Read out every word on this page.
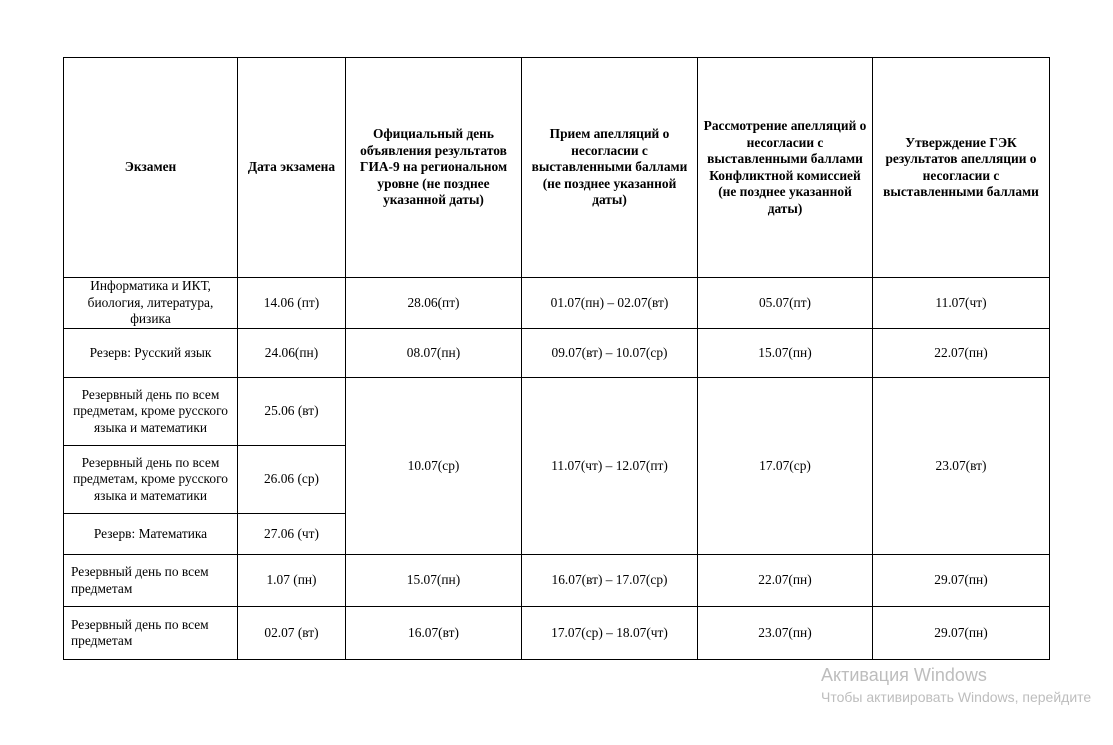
Экзамен	Дата экзамена	Официальный день объявления результатов ГИА-9 на региональном уровне (не позднее указанной даты)	Прием апелляций о несогласии с выставленными баллами (не позднее указанной даты)	Рассмотрение апелляций о несогласии с выставленными баллами Конфликтной комиссией (не позднее указанной даты)	Утверждение ГЭК результатов апелляции о несогласии с выставленными баллами
Информатика и ИКТ, биология, литература, физика	14.06 (пт)	28.06(пт)	01.07(пн) – 02.07(вт)	05.07(пт)	11.07(чт)
Резерв: Русский язык	24.06(пн)	08.07(пн)	09.07(вт) – 10.07(ср)	15.07(пн)	22.07(пн)
Резервный день по всем предметам, кроме русского языка и математики	25.06 (вт)	10.07(ср)	11.07(чт) – 12.07(пт)	17.07(ср)	23.07(вт)
Резервный день по всем предметам, кроме русского языка и математики	26.06 (ср)				
Резерв: Математика	27.06 (чт)				
Резервный день по всем предметам	1.07 (пн)	15.07(пн)	16.07(вт) – 17.07(ср)	22.07(пн)	29.07(пн)
Резервный день по всем предметам	02.07 (вт)	16.07(вт)	17.07(ср) – 18.07(чт)	23.07(пн)	29.07(пн)
Активация Windows
Чтобы активировать Windows, перейдите
